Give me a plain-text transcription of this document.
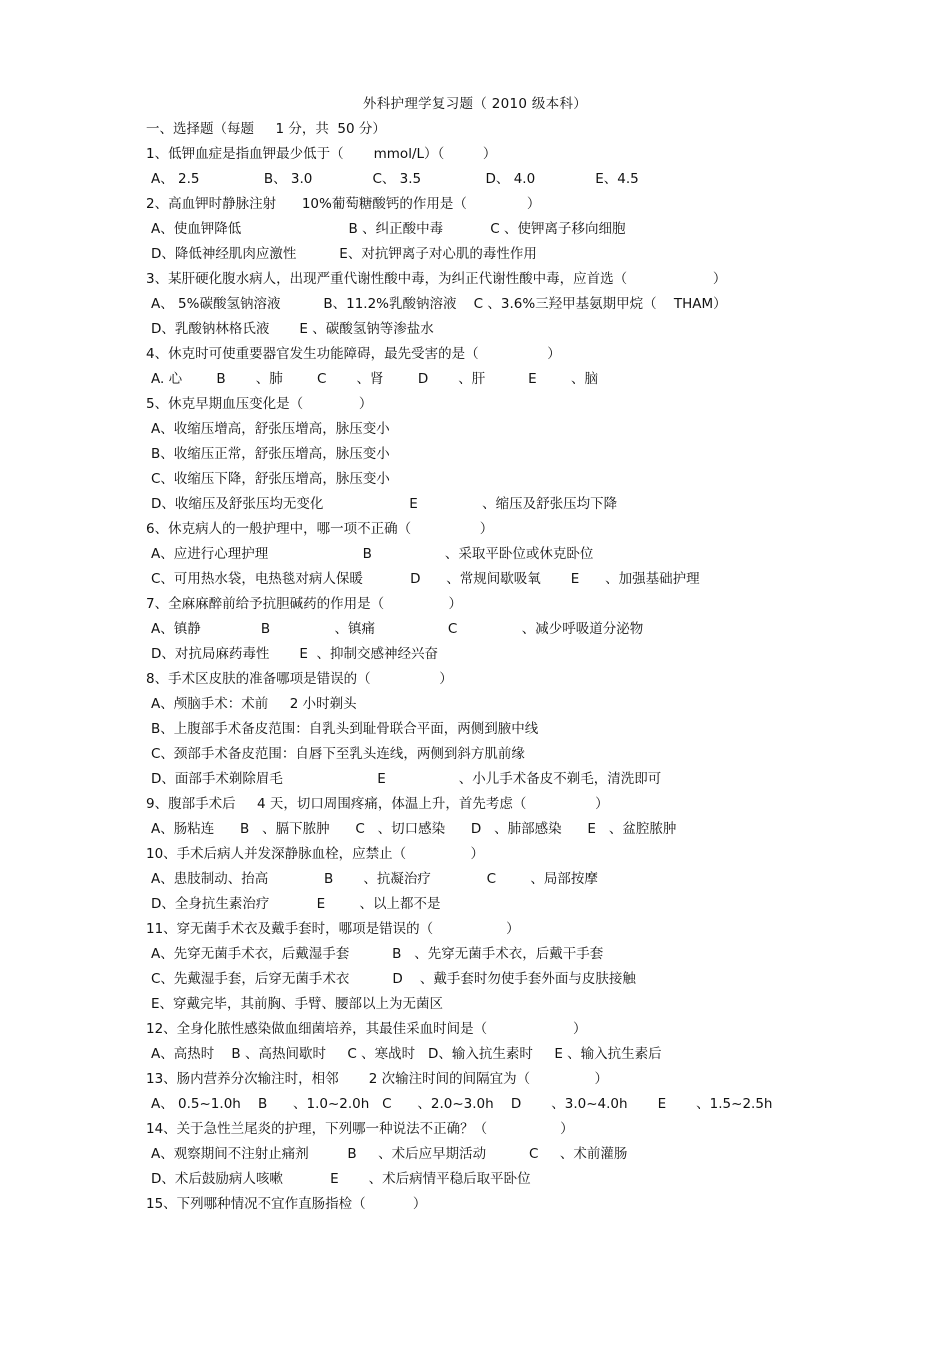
外科护理学复习题（ 2010 级本科）
一、选择题（每题     1 分，共  50 分）
1、低钾血症是指血钾最少低于（       mmol/L）（         ）
A、 2.5               B、 3.0              C、 3.5               D、 4.0              E、4.5
2、高血钾时静脉注射      10%葡萄糖酸钙的作用是（              ）
A、使血钾降低                         B 、纠正酸中毒           C 、使钾离子移向细胞
D、降低神经肌肉应激性          E、对抗钾离子对心肌的毒性作用
3、某肝硬化腹水病人，出现严重代谢性酸中毒，为纠正代谢性酸中毒，应首选（                    ）
A、 5%碳酸氢钠溶液          B、11.2%乳酸钠溶液    C 、3.6%三羟甲基氨期甲烷（    THAM）
D、乳酸钠林格氏液       E 、碳酸氢钠等渗盐水
4、休克时可使重要器官发生功能障碍，最先受害的是（                ）
A. 心        B       、肺        C       、肾        D       、肝          E        、脑
5、休克早期血压变化是（             ）
A、收缩压增高，舒张压增高，脉压变小
B、收缩压正常，舒张压增高，脉压变小
C、收缩压下降，舒张压增高，脉压变小
D、收缩压及舒张压均无变化                    E               、缩压及舒张压均下降
6、休克病人的一般护理中，哪一项不正确（                ）
A、应进行心理护理                      B                 、采取平卧位或休克卧位
C、可用热水袋，电热毯对病人保暖           D      、常规间歇吸氧       E      、加强基础护理
7、全麻麻醉前给予抗胆碱药的作用是（               ）
A、镇静              B               、镇痛                 C               、减少呼吸道分泌物
D、对抗局麻药毒性       E  、抑制交感神经兴奋
8、手术区皮肤的准备哪项是错误的（                ）
A、颅脑手术：术前     2 小时剃头
B、上腹部手术备皮范围：自乳头到耻骨联合平面，两侧到腋中线
C、颈部手术备皮范围：自唇下至乳头连线，两侧到斜方肌前缘
D、面部手术剃除眉毛                      E                 、小儿手术备皮不剃毛，清洗即可
9、腹部手术后     4 天，切口周围疼痛，体温上升，首先考虑（                ）
A、肠粘连      B   、膈下脓肿      C   、切口感染      D   、肺部感染      E   、盆腔脓肿
10、手术后病人并发深静脉血栓，应禁止（               ）
A、患肢制动、抬高             B       、抗凝治疗             C        、局部按摩
D、全身抗生素治疗           E        、以上都不是
11、穿无菌手术衣及戴手套时，哪项是错误的（                 ）
A、先穿无菌手术衣，后戴湿手套          B   、先穿无菌手术衣，后戴干手套
C、先戴湿手套，后穿无菌手术衣          D    、戴手套时勿使手套外面与皮肤接触
E、穿戴完毕，其前胸、手臂、腰部以上为无菌区
12、全身化脓性感染做血细菌培养，其最佳采血时间是（                    ）
A、高热时    B 、高热间歇时     C 、寒战时   D、输入抗生素时     E 、输入抗生素后
13、肠内营养分次输注时，相邻       2 次输注时间的间隔宜为（               ）
A、 0.5~1.0h    B      、1.0~2.0h   C      、2.0~3.0h    D       、3.0~4.0h       E       、1.5~2.5h
14、关于急性兰尾炎的护理，下列哪一种说法不正确？（                 ）
A、观察期间不注射止痛剂         B     、术后应早期活动          C     、术前灌肠
D、术后鼓励病人咳嗽           E       、术后病情平稳后取平卧位
15、下列哪种情况不宜作直肠指检（           ）
